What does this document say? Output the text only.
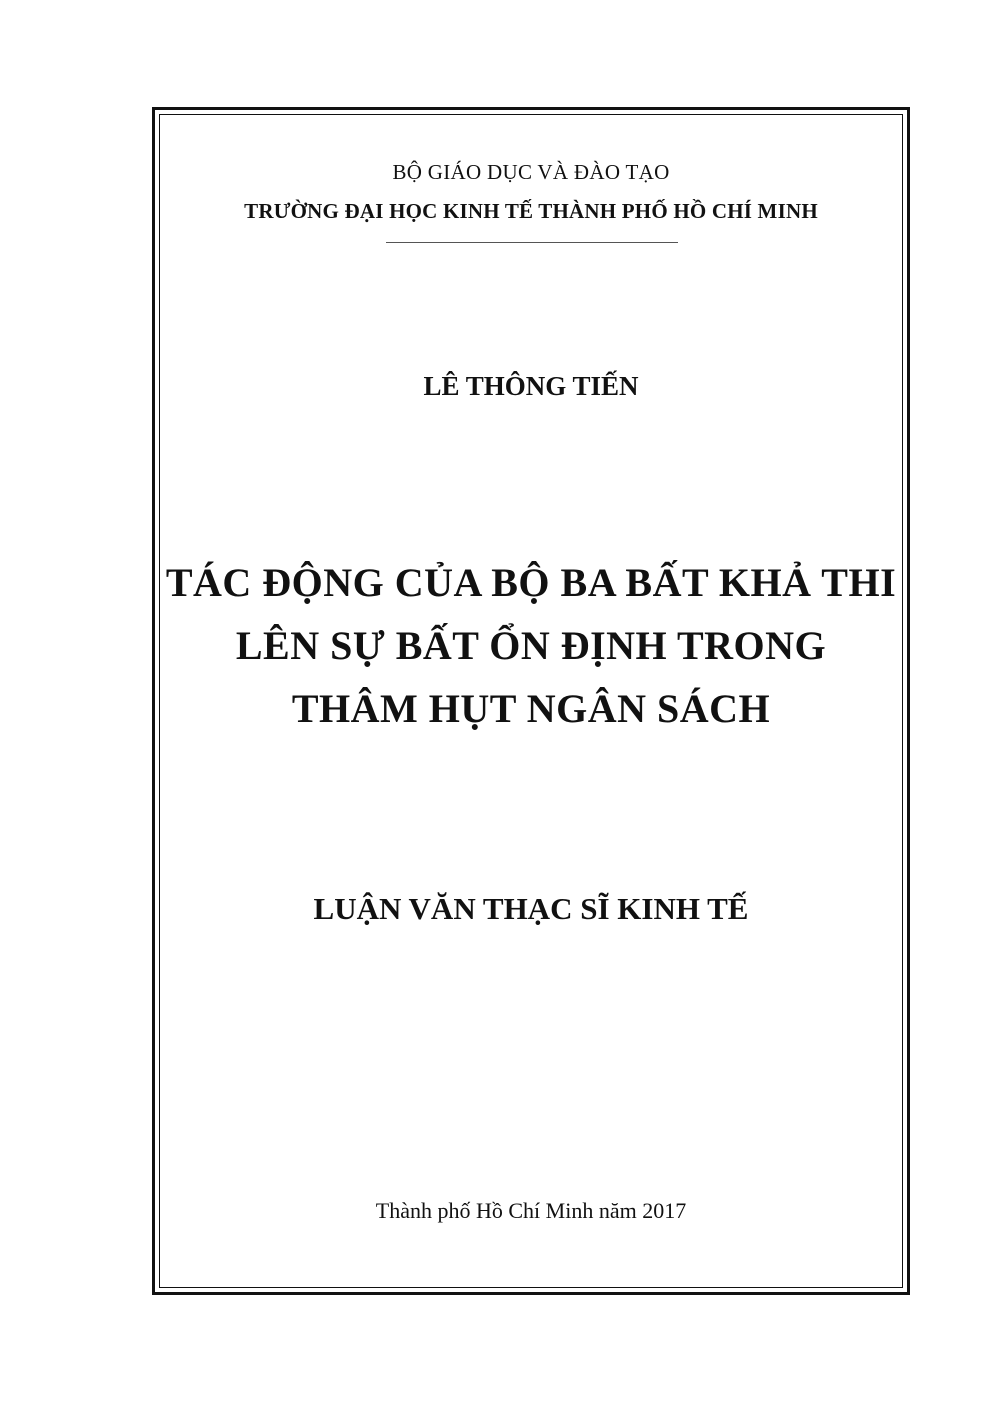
BỘ GIÁO DỤC VÀ ĐÀO TẠO
TRƯỜNG ĐẠI HỌC KINH TẾ THÀNH PHỐ HỒ CHÍ MINH
LÊ THÔNG TIẾN
TÁC ĐỘNG CỦA BỘ BA BẤT KHẢ THI
LÊN SỰ BẤT ỔN ĐỊNH TRONG
THÂM HỤT NGÂN SÁCH
LUẬN VĂN THẠC SĨ KINH TẾ
Thành phố Hồ Chí Minh năm 2017
